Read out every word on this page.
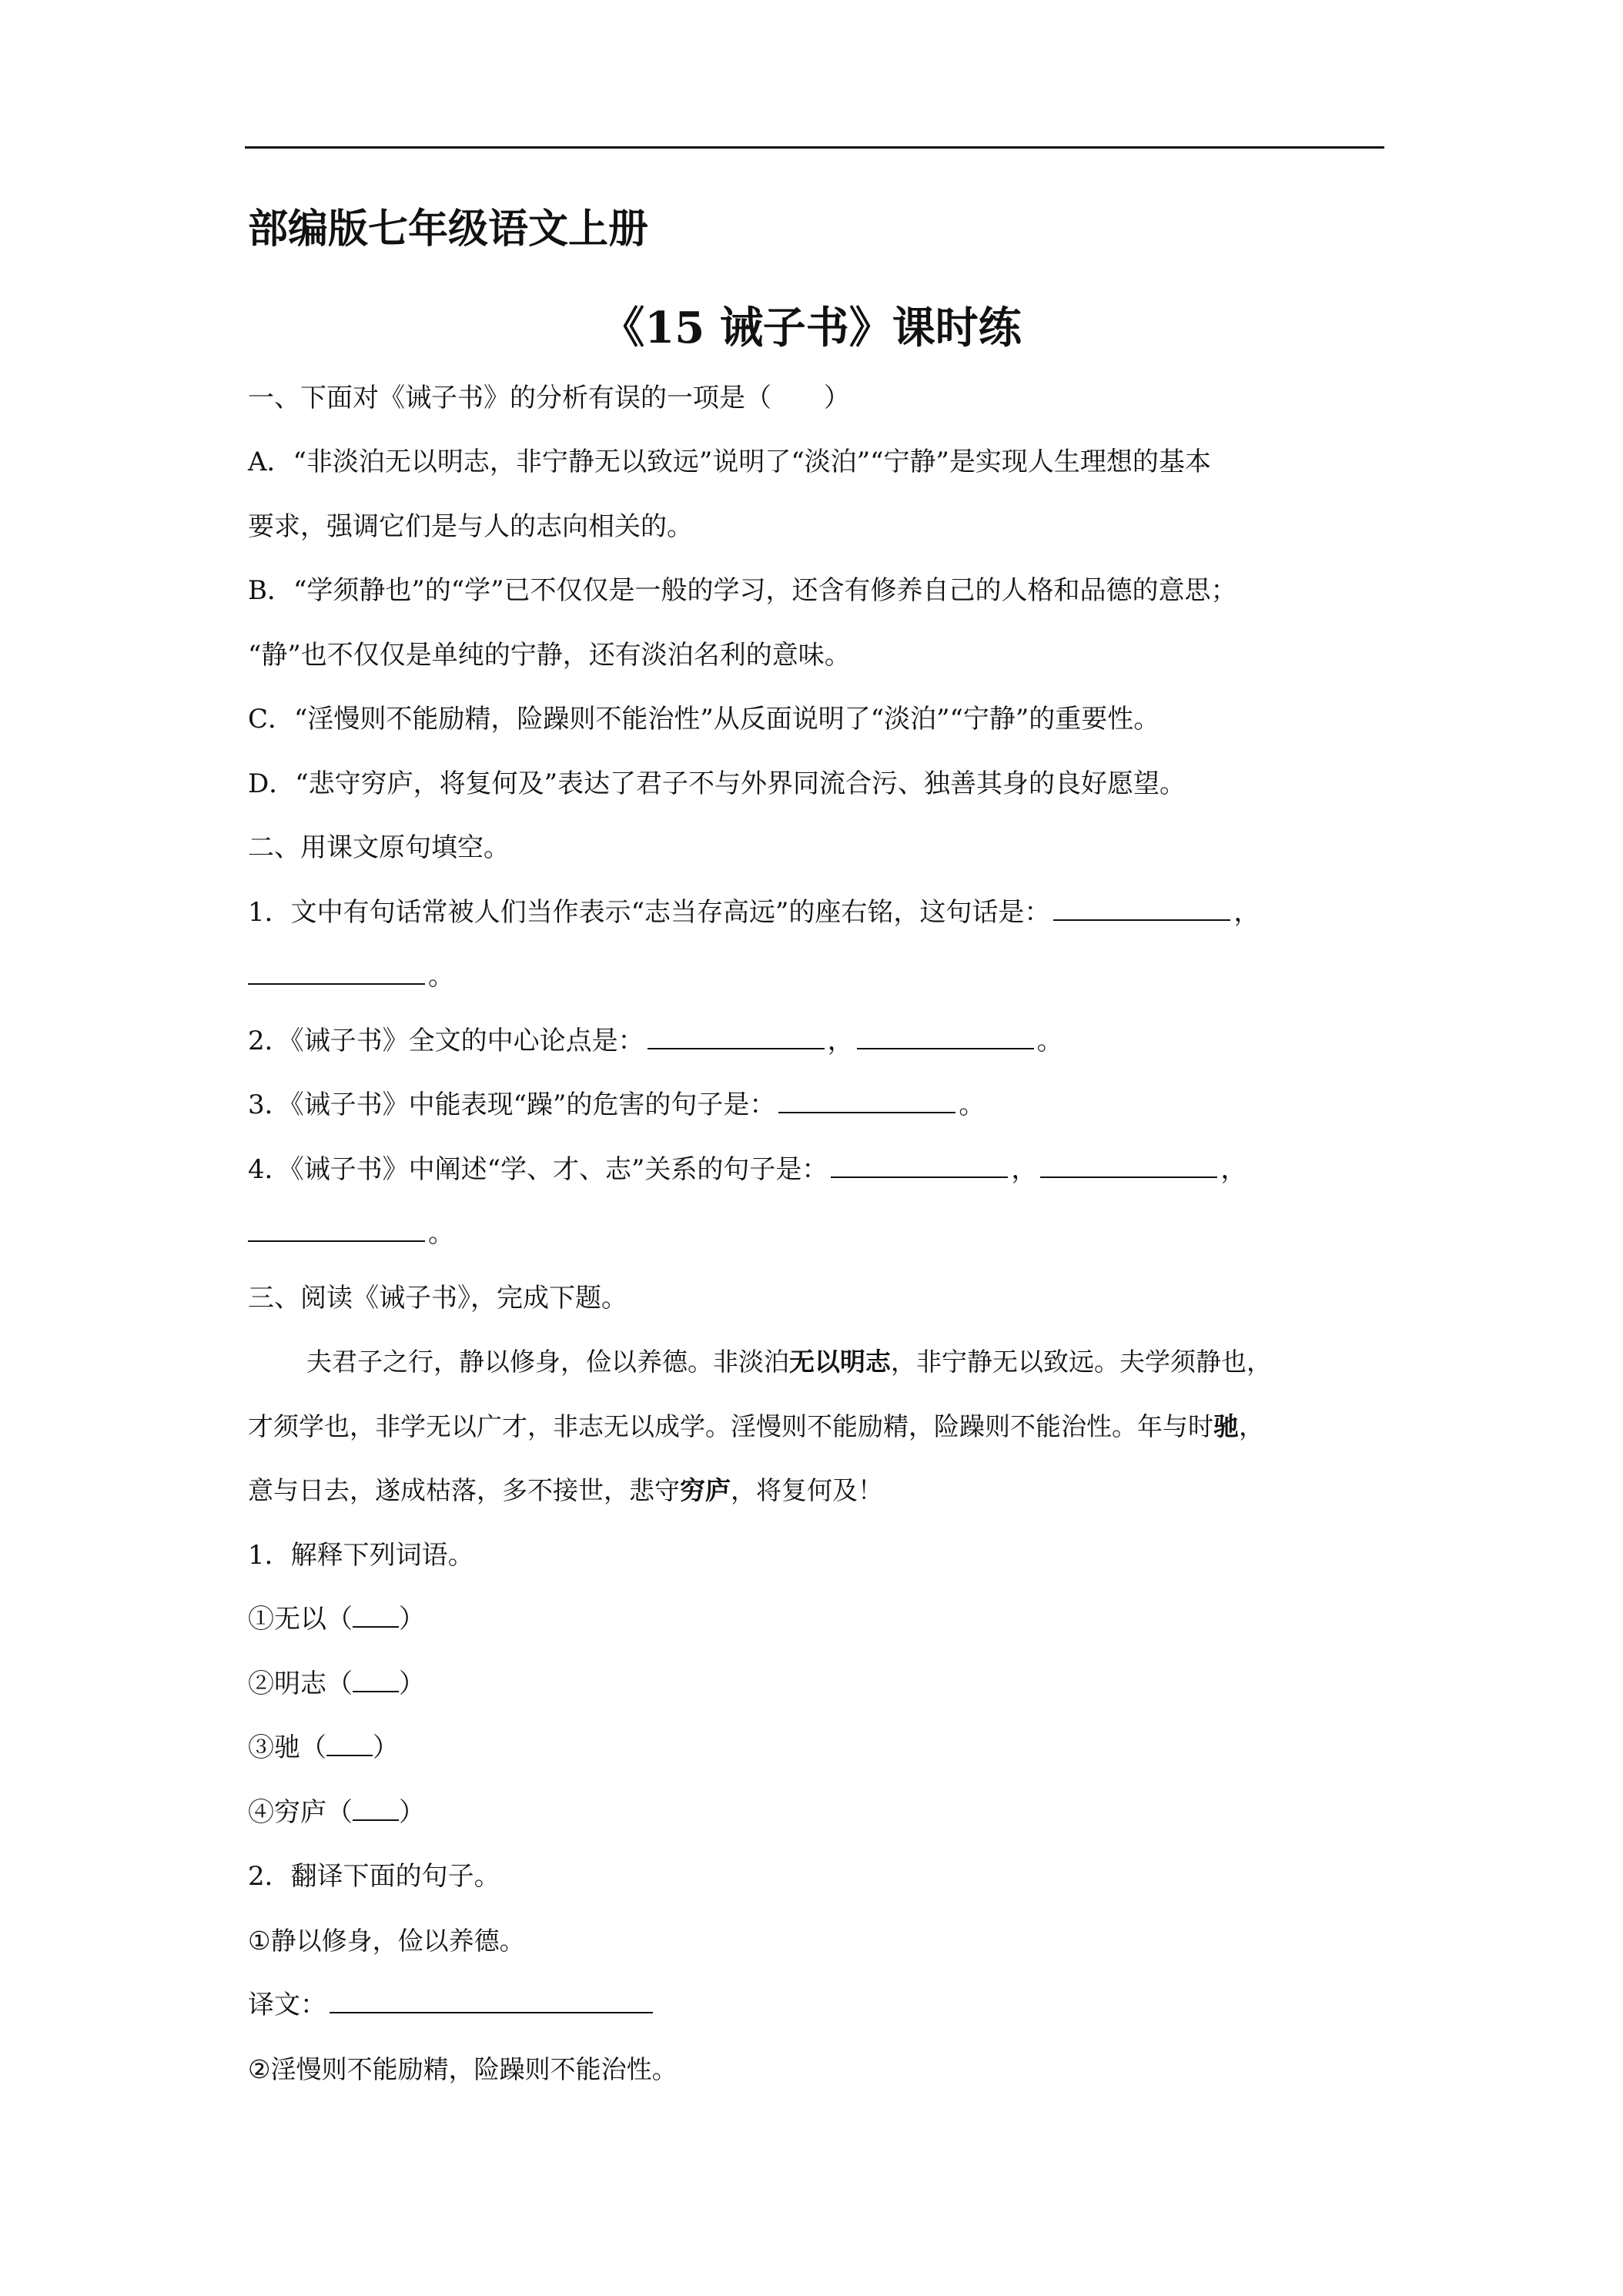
部编版七年级语文上册
《15 诫子书》课时练
一、下面对《诫子书》的分析有误的一项是（　　）
A．“非淡泊无以明志，非宁静无以致远”说明了“淡泊”“宁静”是实现人生理想的基本
要求，强调它们是与人的志向相关的。
B．“学须静也”的“学”已不仅仅是一般的学习，还含有修养自己的人格和品德的意思；
“静”也不仅仅是单纯的宁静，还有淡泊名利的意味。
C．“淫慢则不能励精，险躁则不能治性”从反面说明了“淡泊”“宁静”的重要性。
D．“悲守穷庐，将复何及”表达了君子不与外界同流合污、独善其身的良好愿望。
二、用课文原句填空。
1．文中有句话常被人们当作表示“志当存高远”的座右铭，这句话是：	，
。
2．《诫子书》全文的中心论点是：	，	。
3．《诫子书》中能表现“躁”的危害的句子是：	。
4．《诫子书》中阐述“学、才、志”关系的句子是：	，	，
。
三、阅读《诫子书》，完成下题。
夫君子之行，静以修身，俭以养德。非淡泊无以明志，非宁静无以致远。夫学须静也，
才须学也，非学无以广才，非志无以成学。淫慢则不能励精，险躁则不能治性。年与时驰，
意与日去，遂成枯落，多不接世，悲守穷庐，将复何及！
1．解释下列词语。
①无以（ ）
②明志（ ）
③驰（ ）
④穷庐（ ）
2．翻译下面的句子。
①静以修身，俭以养德。
译文：
②淫慢则不能励精，险躁则不能治性。
